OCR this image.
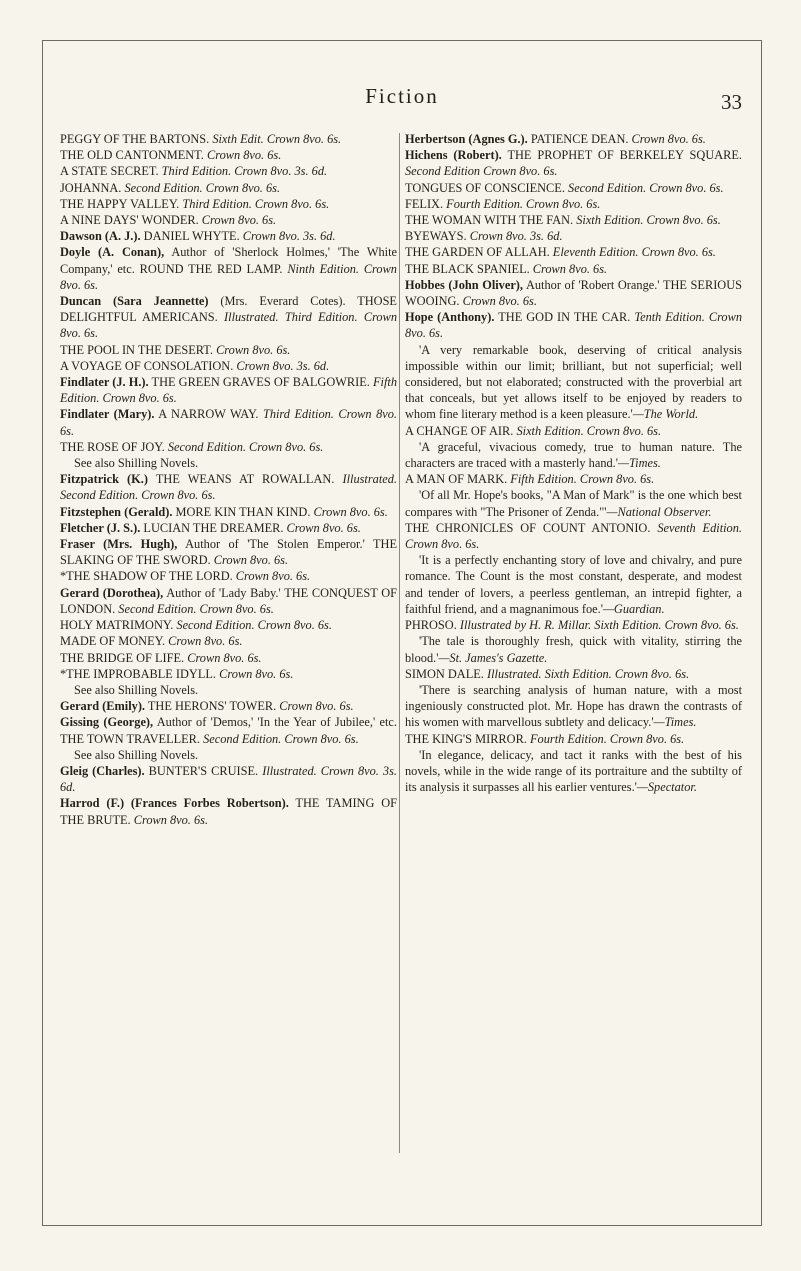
Fiction	33

PEGGY OF THE BARTONS. Sixth Edit. Crown 8vo. 6s.

THE OLD CANTONMENT. Crown 8vo. 6s.

A STATE SECRET. Third Edition. Crown 8vo. 3s. 6d.

JOHANNA. Second Edition. Crown 8vo. 6s.

THE HAPPY VALLEY. Third Edition. Crown 8vo. 6s.

A NINE DAYS' WONDER. Crown 8vo. 6s.

Dawson (A. J.). DANIEL WHYTE. Crown 8vo. 3s. 6d.

Doyle (A. Conan), Author of 'Sherlock Holmes,' 'The White Company,' etc. ROUND THE RED LAMP. Ninth Edition. Crown 8vo. 6s.

Duncan (Sara Jeannette) (Mrs. Everard Cotes). THOSE DELIGHTFUL AMERICANS. Illustrated. Third Edition. Crown 8vo. 6s.

THE POOL IN THE DESERT. Crown 8vo. 6s.

A VOYAGE OF CONSOLATION. Crown 8vo. 3s. 6d.

Findlater (J. H.). THE GREEN GRAVES OF BALGOWRIE. Fifth Edition. Crown 8vo. 6s.

Findlater (Mary). A NARROW WAY. Third Edition. Crown 8vo. 6s.

THE ROSE OF JOY. Second Edition. Crown 8vo. 6s.

See also Shilling Novels.

Fitzpatrick (K.) THE WEANS AT ROWALLAN. Illustrated. Second Edition. Crown 8vo. 6s.

Fitzstephen (Gerald). MORE KIN THAN KIND. Crown 8vo. 6s.

Fletcher (J. S.). LUCIAN THE DREAMER. Crown 8vo. 6s.

Fraser (Mrs. Hugh), Author of 'The Stolen Emperor.' THE SLAKING OF THE SWORD. Crown 8vo. 6s.

*THE SHADOW OF THE LORD. Crown 8vo. 6s.

Gerard (Dorothea), Author of 'Lady Baby.' THE CONQUEST OF LONDON. Second Edition. Crown 8vo. 6s.

HOLY MATRIMONY. Second Edition. Crown 8vo. 6s.

MADE OF MONEY. Crown 8vo. 6s.

THE BRIDGE OF LIFE. Crown 8vo. 6s.

*THE IMPROBABLE IDYLL. Crown 8vo. 6s.

See also Shilling Novels.

Gerard (Emily). THE HERONS' TOWER. Crown 8vo. 6s.

Gissing (George), Author of 'Demos,' 'In the Year of Jubilee,' etc. THE TOWN TRAVELLER. Second Edition. Crown 8vo. 6s.

See also Shilling Novels.

Gleig (Charles). BUNTER'S CRUISE. Illustrated. Crown 8vo. 3s. 6d.

Harrod (F.) (Frances Forbes Robertson). THE TAMING OF THE BRUTE. Crown 8vo. 6s.

Herbertson (Agnes G.). PATIENCE DEAN. Crown 8vo. 6s.

Hichens (Robert). THE PROPHET OF BERKELEY SQUARE. Second Edition Crown 8vo. 6s.

TONGUES OF CONSCIENCE. Second Edition. Crown 8vo. 6s.

FELIX. Fourth Edition. Crown 8vo. 6s.

THE WOMAN WITH THE FAN. Sixth Edition. Crown 8vo. 6s.

BYEWAYS. Crown 8vo. 3s. 6d.

THE GARDEN OF ALLAH. Eleventh Edition. Crown 8vo. 6s.

THE BLACK SPANIEL. Crown 8vo. 6s.

Hobbes (John Oliver), Author of 'Robert Orange.' THE SERIOUS WOOING. Crown 8vo. 6s.

Hope (Anthony). THE GOD IN THE CAR. Tenth Edition. Crown 8vo. 6s.

'A very remarkable book, deserving of critical analysis impossible within our limit; brilliant, but not superficial; well considered, but not elaborated; constructed with the proverbial art that conceals, but yet allows itself to be enjoyed by readers to whom fine literary method is a keen pleasure.'—The World.

A CHANGE OF AIR. Sixth Edition. Crown 8vo. 6s.

'A graceful, vivacious comedy, true to human nature. The characters are traced with a masterly hand.'—Times.

A MAN OF MARK. Fifth Edition. Crown 8vo. 6s.

'Of all Mr. Hope's books, "A Man of Mark" is the one which best compares with "The Prisoner of Zenda."'—National Observer.

THE CHRONICLES OF COUNT ANTONIO. Seventh Edition. Crown 8vo. 6s.

'It is a perfectly enchanting story of love and chivalry, and pure romance. The Count is the most constant, desperate, and modest and tender of lovers, a peerless gentleman, an intrepid fighter, a faithful friend, and a magnanimous foe.'—Guardian.

PHROSO. Illustrated by H. R. Millar. Sixth Edition. Crown 8vo. 6s.

'The tale is thoroughly fresh, quick with vitality, stirring the blood.'—St. James's Gazette.

SIMON DALE. Illustrated. Sixth Edition. Crown 8vo. 6s.

'There is searching analysis of human nature, with a most ingeniously constructed plot. Mr. Hope has drawn the contrasts of his women with marvellous subtlety and delicacy.'—Times.

THE KING'S MIRROR. Fourth Edition. Crown 8vo. 6s.

'In elegance, delicacy, and tact it ranks with the best of his novels, while in the wide range of its portraiture and the subtilty of its analysis it surpasses all his earlier ventures.'—Spectator.
